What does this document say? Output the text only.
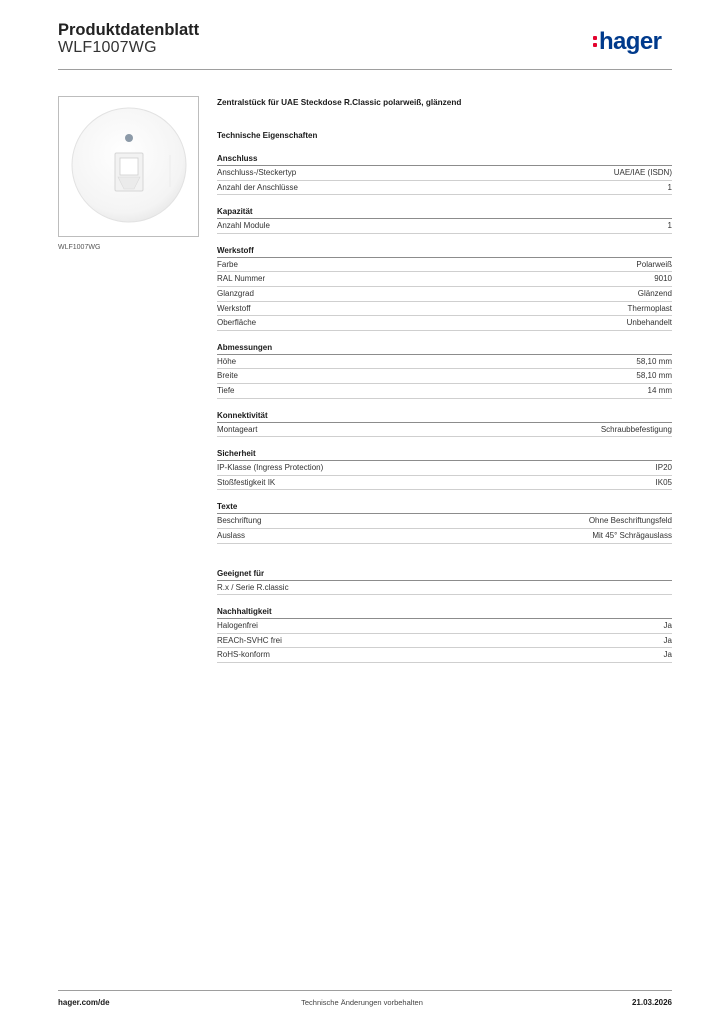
Produktdatenblatt
WLF1007WG	hager
WLF1007WG
Zentralstück für UAE Steckdose R.Classic polarweiß, glänzend
Technische Eigenschaften
Anschluss
Anschluss-/Steckertyp	UAE/IAE (ISDN)
Anzahl der Anschlüsse	1
Kapazität
Anzahl Module	1
Werkstoff
Farbe	Polarweiß
RAL Nummer	9010
Glanzgrad	Glänzend
Werkstoff	Thermoplast
Oberfläche	Unbehandelt
Abmessungen
Höhe	58,10 mm
Breite	58,10 mm
Tiefe	14 mm
Konnektivität
Montageart	Schraubbefestigung
Sicherheit
IP-Klasse (Ingress Protection)	IP20
Stoßfestigkeit IK	IK05
Texte
Beschriftung	Ohne Beschriftungsfeld
Auslass	Mit 45° Schrägauslass
Geeignet für
R.x / Serie R.classic
Nachhaltigkeit
Halogenfrei	Ja
REACh-SVHC frei	Ja
RoHS-konform	Ja
hager.com/de	Technische Änderungen vorbehalten	21.03.2026
